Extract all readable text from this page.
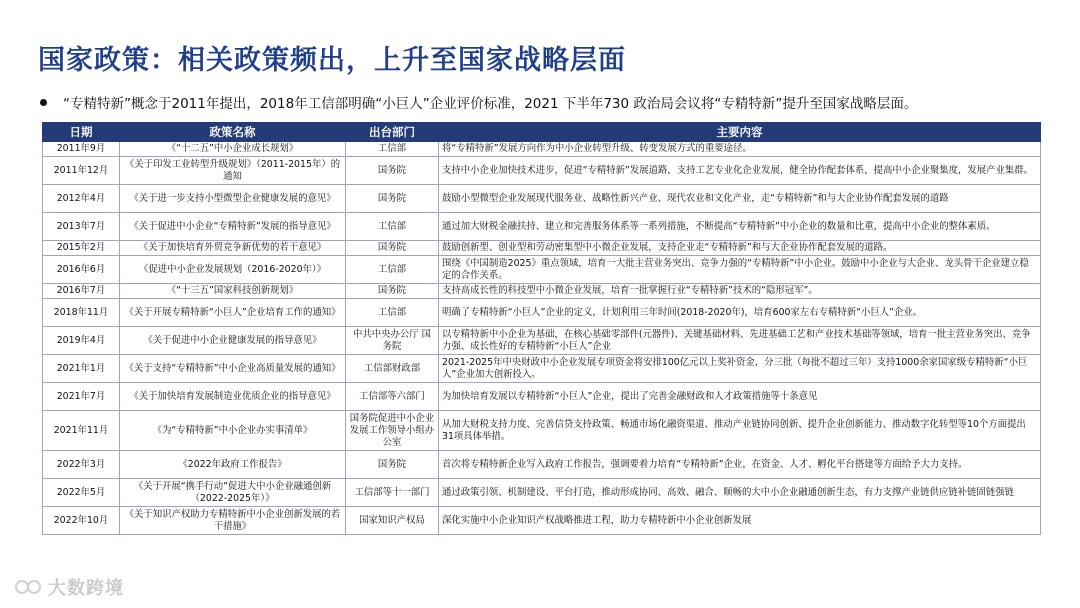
国家政策：相关政策频出，上升至国家战略层面
“专精特新”概念于2011年提出，2018年工信部明确“小巨人”企业评价标准，2021 下半年730 政治局会议将“专精特新”提升至国家战略层面。
日期	政策名称	出台部门	主要内容
2011年9月	《“十二五”中小企业成长规划》	工信部	将“专精特新”发展方向作为中小企业转型升级、转变发展方式的重要途径。
2011年12月	《关于印发工业转型升级规划》（2011-2015年）的通知	国务院	支持中小企业加快技术进步，促进“专精特新”发展道路，支持工艺专业化企业发展，健全协作配套体系，提高中小企业聚集度，发展产业集群。
2012年4月	《关于进一步支持小型微型企业健康发展的意见》	国务院	鼓励小型微型企业发展现代服务业、战略性新兴产业、现代农业和文化产业，走“专精特新”和与大企业协作配套发展的道路
2013年7月	《关于促进中小企业“专精特新”发展的指导意见》	工信部	通过加大财税金融扶持、建立和完善服务体系等一系列措施，不断提高“专精特新”中小企业的数量和比重，提高中小企业的整体素质。
2015年2月	《关于加快培育外贸竞争新优势的若干意见》	国务院	鼓励创新型、创业型和劳动密集型中小微企业发展，支持企业走“专精特新”和与大企业协作配套发展的道路。
2016年6月	《促进中小企业发展规划（2016-2020年）》	工信部	围绕《中国制造2025》重点领域，培育一大批主营业务突出、竞争力强的“专精特新”中小企业。鼓励中小企业与大企业、龙头骨干企业建立稳定的合作关系。
2016年7月	《“十三五”国家科技创新规划》	国务院	支持高成长性的科技型中小微企业发展，培育一批掌握行业“专精特新”技术的“隐形冠军”。
2018年11月	《关于开展专精特新“小巨人”企业培育工作的通知》	工信部	明确了专精特新“小巨人”企业的定义，计划利用三年时间(2018-2020年)，培育600家左右专精特新“小巨人”企业。
2019年4月	《关于促进中小企业健康发展的指导意见》	中共中央办公厅 国务院	以专精特新中小企业为基础，在核心基础零部件(元器件)、关键基础材料、先进基础工艺和产业技术基础等领域，培育一批主营业务突出、竞争力强、成长性好的专精特新“小巨人”企业
2021年1月	《关于支持“专精特新”中小企业高质量发展的通知》	工信部财政部	2021-2025年中央财政中小企业发展专项资金将安排100亿元以上奖补资金，分三批（每批不超过三年）支持1000余家国家级专精特新“小巨人”企业加大创新投入。
2021年7月	《关于加快培育发展制造业优质企业的指导意见》	工信部等六部门	为加快培育发展以专精特新“小巨人”企业，提出了完善金融财政和人才政策措施等十条意见
2021年11月	《为“专精特新”中小企业办实事清单》	国务院促进中小企业发展工作领导小组办公室	从加大财税支持力度、完善信贷支持政策、畅通市场化融资渠道、推动产业链协同创新、提升企业创新能力、推动数字化转型等10个方面提出31项具体举措。
2022年3月	《2022年政府工作报告》	国务院	首次将专精特新企业写入政府工作报告，强调要着力培育“专精特新”企业，在资金、人才、孵化平台搭建等方面给予大力支持。
2022年5月	《关于开展“携手行动”促进大中小企业融通创新（2022-2025年）》	工信部等十一部门	通过政策引领、机制建设、平台打造，推动形成协同、高效、融合、顺畅的大中小企业融通创新生态，有力支撑产业链供应链补链固链强链
2022年10月	《关于知识产权助力专精特新中小企业创新发展的若干措施》	国家知识产权局	深化实施中小企业知识产权战略推进工程，助力专精特新中小企业创新发展
大数跨境
